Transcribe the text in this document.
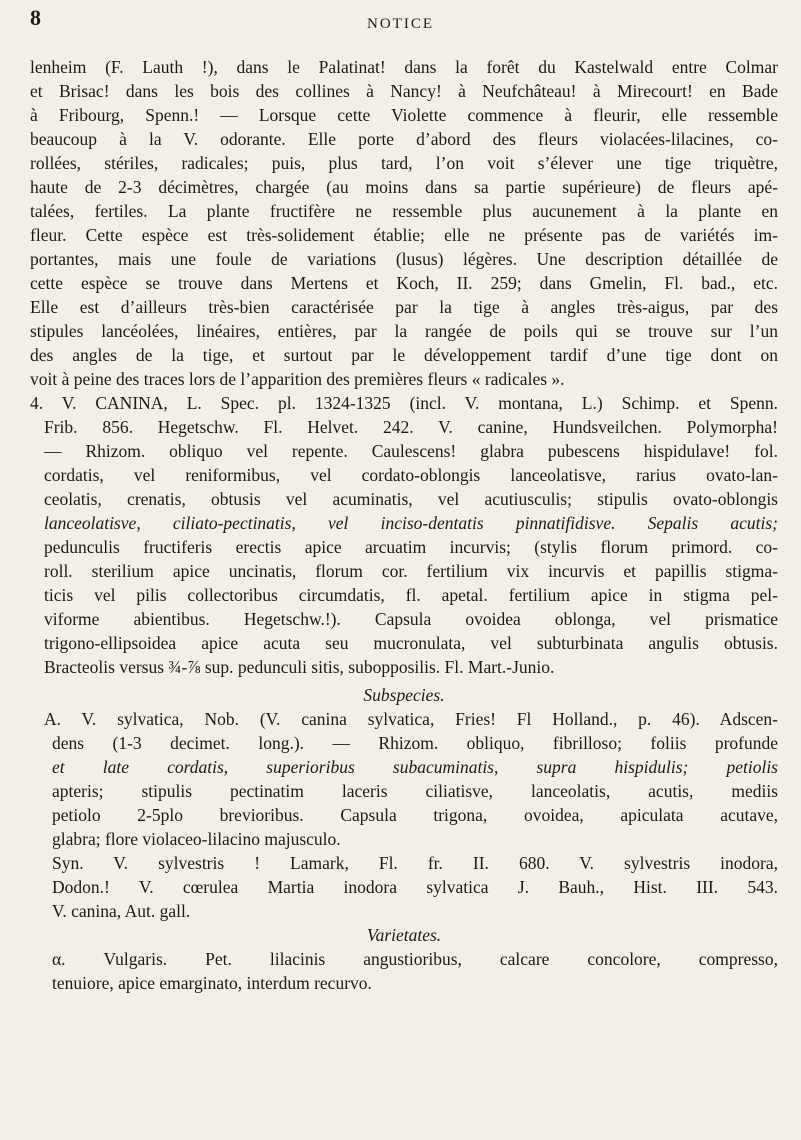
8	NOTICE
lenheim (F. Lauth !), dans le Palatinat! dans la forêt du Kastelwald entre Colmar
et Brisac! dans les bois des collines à Nancy! à Neufchâteau! à Mirecourt! en Bade
à Fribourg, Spenn.! — Lorsque cette Violette commence à fleurir, elle ressemble
beaucoup à la V. odorante. Elle porte d’abord des fleurs violacées-lilacines, co-
rollées, stériles, radicales; puis, plus tard, l’on voit s’élever une tige triquètre,
haute de 2-3 décimètres, chargée (au moins dans sa partie supérieure) de fleurs apé-
talées, fertiles. La plante fructifère ne ressemble plus aucunement à la plante en
fleur. Cette espèce est très-solidement établie; elle ne présente pas de variétés im-
portantes, mais une foule de variations (lusus) légères. Une description détaillée de
cette espèce se trouve dans Mertens et Koch, II. 259; dans Gmelin, Fl. bad., etc.
Elle est d’ailleurs très-bien caractérisée par la tige à angles très-aigus, par des
stipules lancéolées, linéaires, entières, par la rangée de poils qui se trouve sur l’un
des angles de la tige, et surtout par le développement tardif d’une tige dont on
voit à peine des traces lors de l’apparition des premières fleurs « radicales ».
4. V. CANINA, L. Spec. pl. 1324-1325 (incl. V. montana, L.) Schimp. et Spenn.
Frib. 856. Hegetschw. Fl. Helvet. 242. V. canine, Hundsveilchen. Polymorpha!
— Rhizom. obliquo vel repente. Caulescens! glabra pubescens hispidulave! fol.
cordatis, vel reniformibus, vel cordato-oblongis lanceolatisve, rarius ovato-lan-
ceolatis, crenatis, obtusis vel acuminatis, vel acutiusculis; stipulis ovato-oblongis
lanceolatisve, ciliato-pectinatis, vel inciso-dentatis pinnatifidisve. Sepalis acutis;
pedunculis fructiferis erectis apice arcuatim incurvis; (stylis florum primord. co-
roll. sterilium apice uncinatis, florum cor. fertilium vix incurvis et papillis stigma-
ticis vel pilis collectoribus circumdatis, fl. apetal. fertilium apice in stigma pel-
viforme abientibus. Hegetschw.!). Capsula ovoidea oblonga, vel prismatice
trigono-ellipsoidea apice acuta seu mucronulata, vel subturbinata angulis obtusis.
Bracteolis versus ¾-⅞ sup. pedunculi sitis, subopposilis. Fl. Mart.-Junio.
Subspecies.
A. V. sylvatica, Nob. (V. canina sylvatica, Fries! Fl Holland., p. 46). Adscen-
dens (1-3 decimet. long.). — Rhizom. obliquo, fibrilloso; foliis profunde
et late cordatis, superioribus subacuminatis, supra hispidulis; petiolis
apteris; stipulis pectinatim laceris ciliatisve, lanceolatis, acutis, mediis
petiolo 2-5plo brevioribus. Capsula trigona, ovoidea, apiculata acutave,
glabra; flore violaceo-lilacino majusculo.
Syn. V. sylvestris ! Lamark, Fl. fr. II. 680. V. sylvestris inodora,
Dodon.! V. cœrulea Martia inodora sylvatica J. Bauh., Hist. III. 543.
V. canina, Aut. gall.
Varietates.
α. Vulgaris. Pet. lilacinis angustioribus, calcare concolore, compresso,
tenuiore, apice emarginato, interdum recurvo.
